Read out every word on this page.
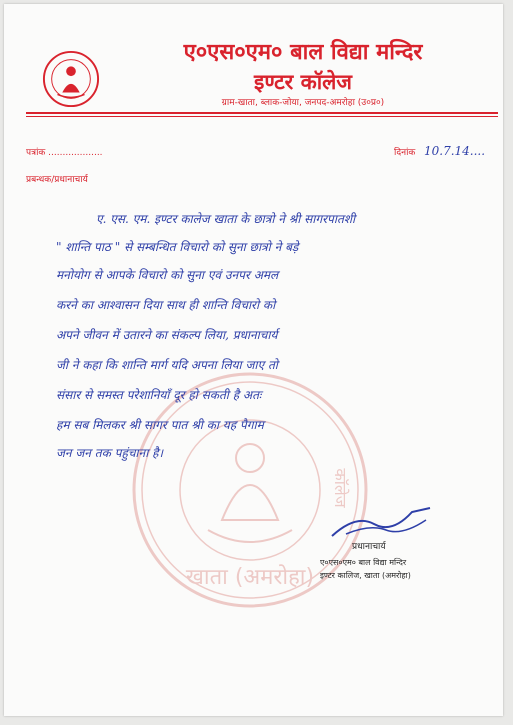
ए०एस०एम० बाल विद्या मन्दिर
इण्टर कॉलेज
ग्राम-खाता, ब्लाक-जोया, जनपद-अमरोहा (उ०प्र०)
पत्रांक ...................	दिनांक 10.7.14....
प्रबन्धक/प्रधानाचार्य
खाता (अमरोहा)
कॉलेज
ए. एस. एम. इण्टर कालेज खाता के छात्रो ने श्री सागरपातशी
" शान्ति पाठ " से सम्बन्धित विचारो को सुना छात्रो ने बड़े
मनोयोग से आपके विचारो को सुना एवं उनपर अमल
करने का आश्वासन दिया साथ ही शान्ति विचारो को
अपने जीवन में उतारने का संकल्प लिया, प्रधानाचार्य
जी ने कहा कि शान्ति मार्ग यदि अपना लिया जाए तो
संसार से समस्त परेशानियाँ दूर हो सकती है अतः
हम सब मिलकर श्री सागर पात श्री का यह पैगाम
जन जन तक पहुंचाना है।
प्रधानाचार्य
ए०एस०एम० बाल विद्या मन्दिर
इण्टर कालिज, खाता (अमरोहा)
